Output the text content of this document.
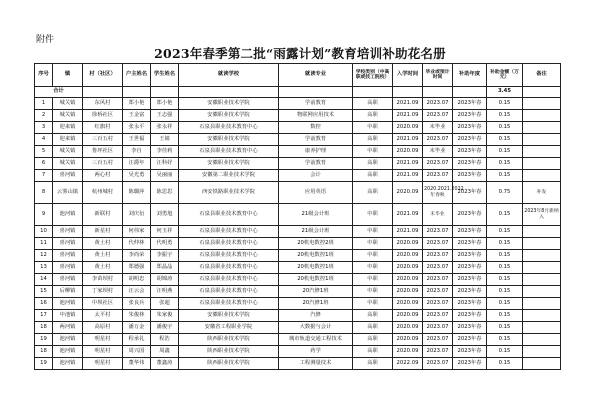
附件
2023年春季第二批“雨露计划”教育培训补助花名册
序号	镇	村（社区）	户主姓名	学生姓名	就读学校	就读专业	学校类别（中高职或技工院校）	入学时间	毕业或预计时间	补助年度	补助金额（万元）	备注
合计											3.45	
1	城关镇	东风村	郑小艳	郑小艳	安徽职业技术学院	学前教育	高职	2021.09	2023.07	2023年春	0.15	
2	城关镇	徐桥社区	王金富	王志强	安徽职业技术学院	物联网应用技术	高职	2021.09	2023.07	2023年春	0.15	
3	迎来镇	红旗村	张永平	张永祥	石泉县职业技术教育中心	数控	中职	2020.09	未毕业	2023年春	0.15	
4	迎来镇	三百五村	王世福	王婧	安徽职业技术学院	学前教育	高职	2021.09	2023.07	2023年春	0.15	
5	城关镇	鲁坪社区	李自	李佳莉	石泉县职业技术教育中心	康养护理	中职	2020.09	未毕业	2023年春	0.15	
6	城关镇	三百五村	汪爵年	汪科妤	安徽职业技术学院	学前教育	高职	2021.09	2023.07	2023年春	0.15	
7	喜河镇	两心村	吴光勇	吴丽丽	安徽第二职业技术学院	会计	高职	2021.09	2023.07	2023年春	0.15	
8	云雾山镇	杭州城村	陈璐萍	陈思思	西安铁路职业技术学院	应用英语	高职	2020.09	2020.2021.2022年春秋	2023年春	0.75	补发
9	池河镇	新联村	刘庆衍	刘勇旭	石泉县职业技术教育中心	21级会计班	中职	2021.09	未毕业	2023年春	0.15	2023年8月新纳入
10	喜河镇	新星村	何伟家	何玉祥	石泉县职业技术教育中心	21级会计班	中职	2021.09	2023.07	2023年春	0.15	
11	喜河镇	黄土村	代仲林	代明勇	石泉县职业技术教育中心	20机电数控2班	中职	2020.09	2023.07	2023年春	0.15	
12	喜河镇	黄土村	李尚荣	李振宇	石泉县职业技术教育中心	20机电数控1班	中职	2020.09	2023.07	2023年春	0.15	
13	喜河镇	黄土村	郑德强	郑晶晶	石泉县职业技术教育中心	20机电数控1班	中职	2020.09	2023.07	2023年春	0.15	
14	喜河镇	李苗坝村	胡明忠	胡锦涛	石泉县职业技术教育中心	20机电数控1班	中职	2020.09	2023.07	2023年春	0.15	
15	后柳镇	丁家坝村	汪云会	汪明燕	石泉县职业技术教育中心	20汽修1班	中职	2020.09	2023.07	2023年春	0.15	
16	池河镇	中坝社区	张良兵	张超	石泉县职业技术教育中心	20汽修1班	中职	2020.09	2023.07	2023年春	0.15	
17	中池镇	太平村	朱俊林	朱家俊	安徽职业技术学院	汽修	高职	2020.09	2023.07	2023年春	0.15	
18	两河镇	高原村	潘万金	潘俊宇	安徽省工程职业学院	大数据与会计	高职	2020.09	2023.07	2023年春	0.15	
19	池河镇	明星村	程承礼	程浩	陕西职业技术学院	城市轨道交通工程技术	高职	2020.09	2023.07	2023年春	0.15	
18	池河镇	明星村	周兴国	周鑫	陕西职业技术学院	药学	高职	2020.09	2023.07	2023年春	0.15	
19	池河镇	明星村	董华伟	董鑫涛	陕西职业技术学院	工程测量技术	高职	2022.09	2023.07	2023年春	0.15	
